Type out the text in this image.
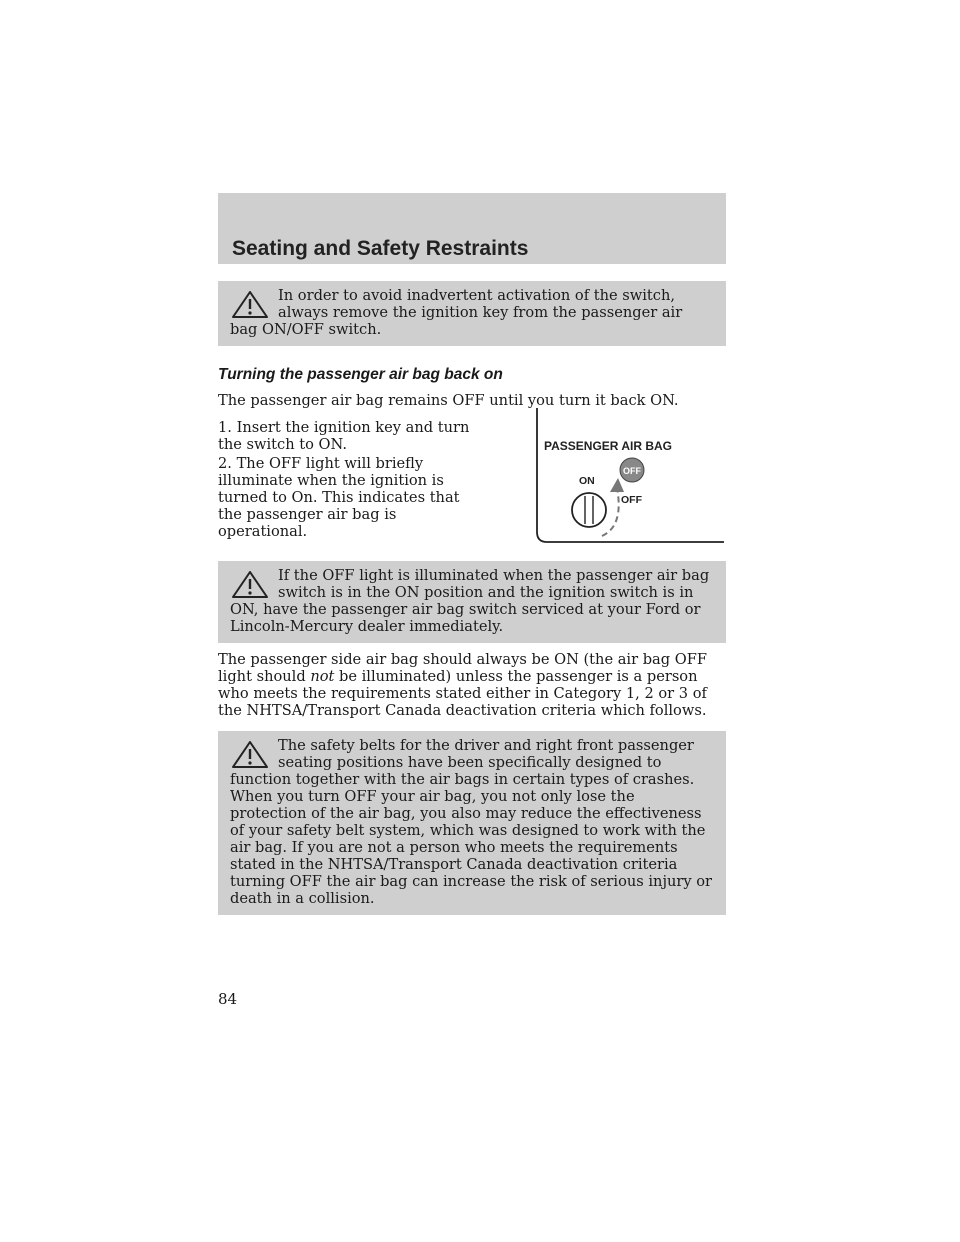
Seating and Safety Restraints
In order to avoid inadvertent activation of the switch, always remove the ignition key from the passenger air bag ON/OFF switch.
Turning the passenger air bag back on

The passenger air bag remains OFF until you turn it back ON.

1. Insert the ignition key and turn the switch to ON.

2. The OFF light will briefly illuminate when the ignition is turned to On. This indicates that the passenger air bag is operational.

PASSENGER AIR BAG
ON
OFF
OFF
If the OFF light is illuminated when the passenger air bag switch is in the ON position and the ignition switch is in ON, have the passenger air bag switch serviced at your Ford or Lincoln-Mercury dealer immediately.

The passenger side air bag should always be ON (the air bag OFF light should not be illuminated) unless the passenger is a person who meets the requirements stated either in Category 1, 2 or 3 of the NHTSA/Transport Canada deactivation criteria which follows.

The safety belts for the driver and right front passenger seating positions have been specifically designed to function together with the air bags in certain types of crashes. When you turn OFF your air bag, you not only lose the protection of the air bag, you also may reduce the effectiveness of your safety belt system, which was designed to work with the air bag. If you are not a person who meets the requirements stated in the NHTSA/Transport Canada deactivation criteria turning OFF the air bag can increase the risk of serious injury or death in a collision.

84
